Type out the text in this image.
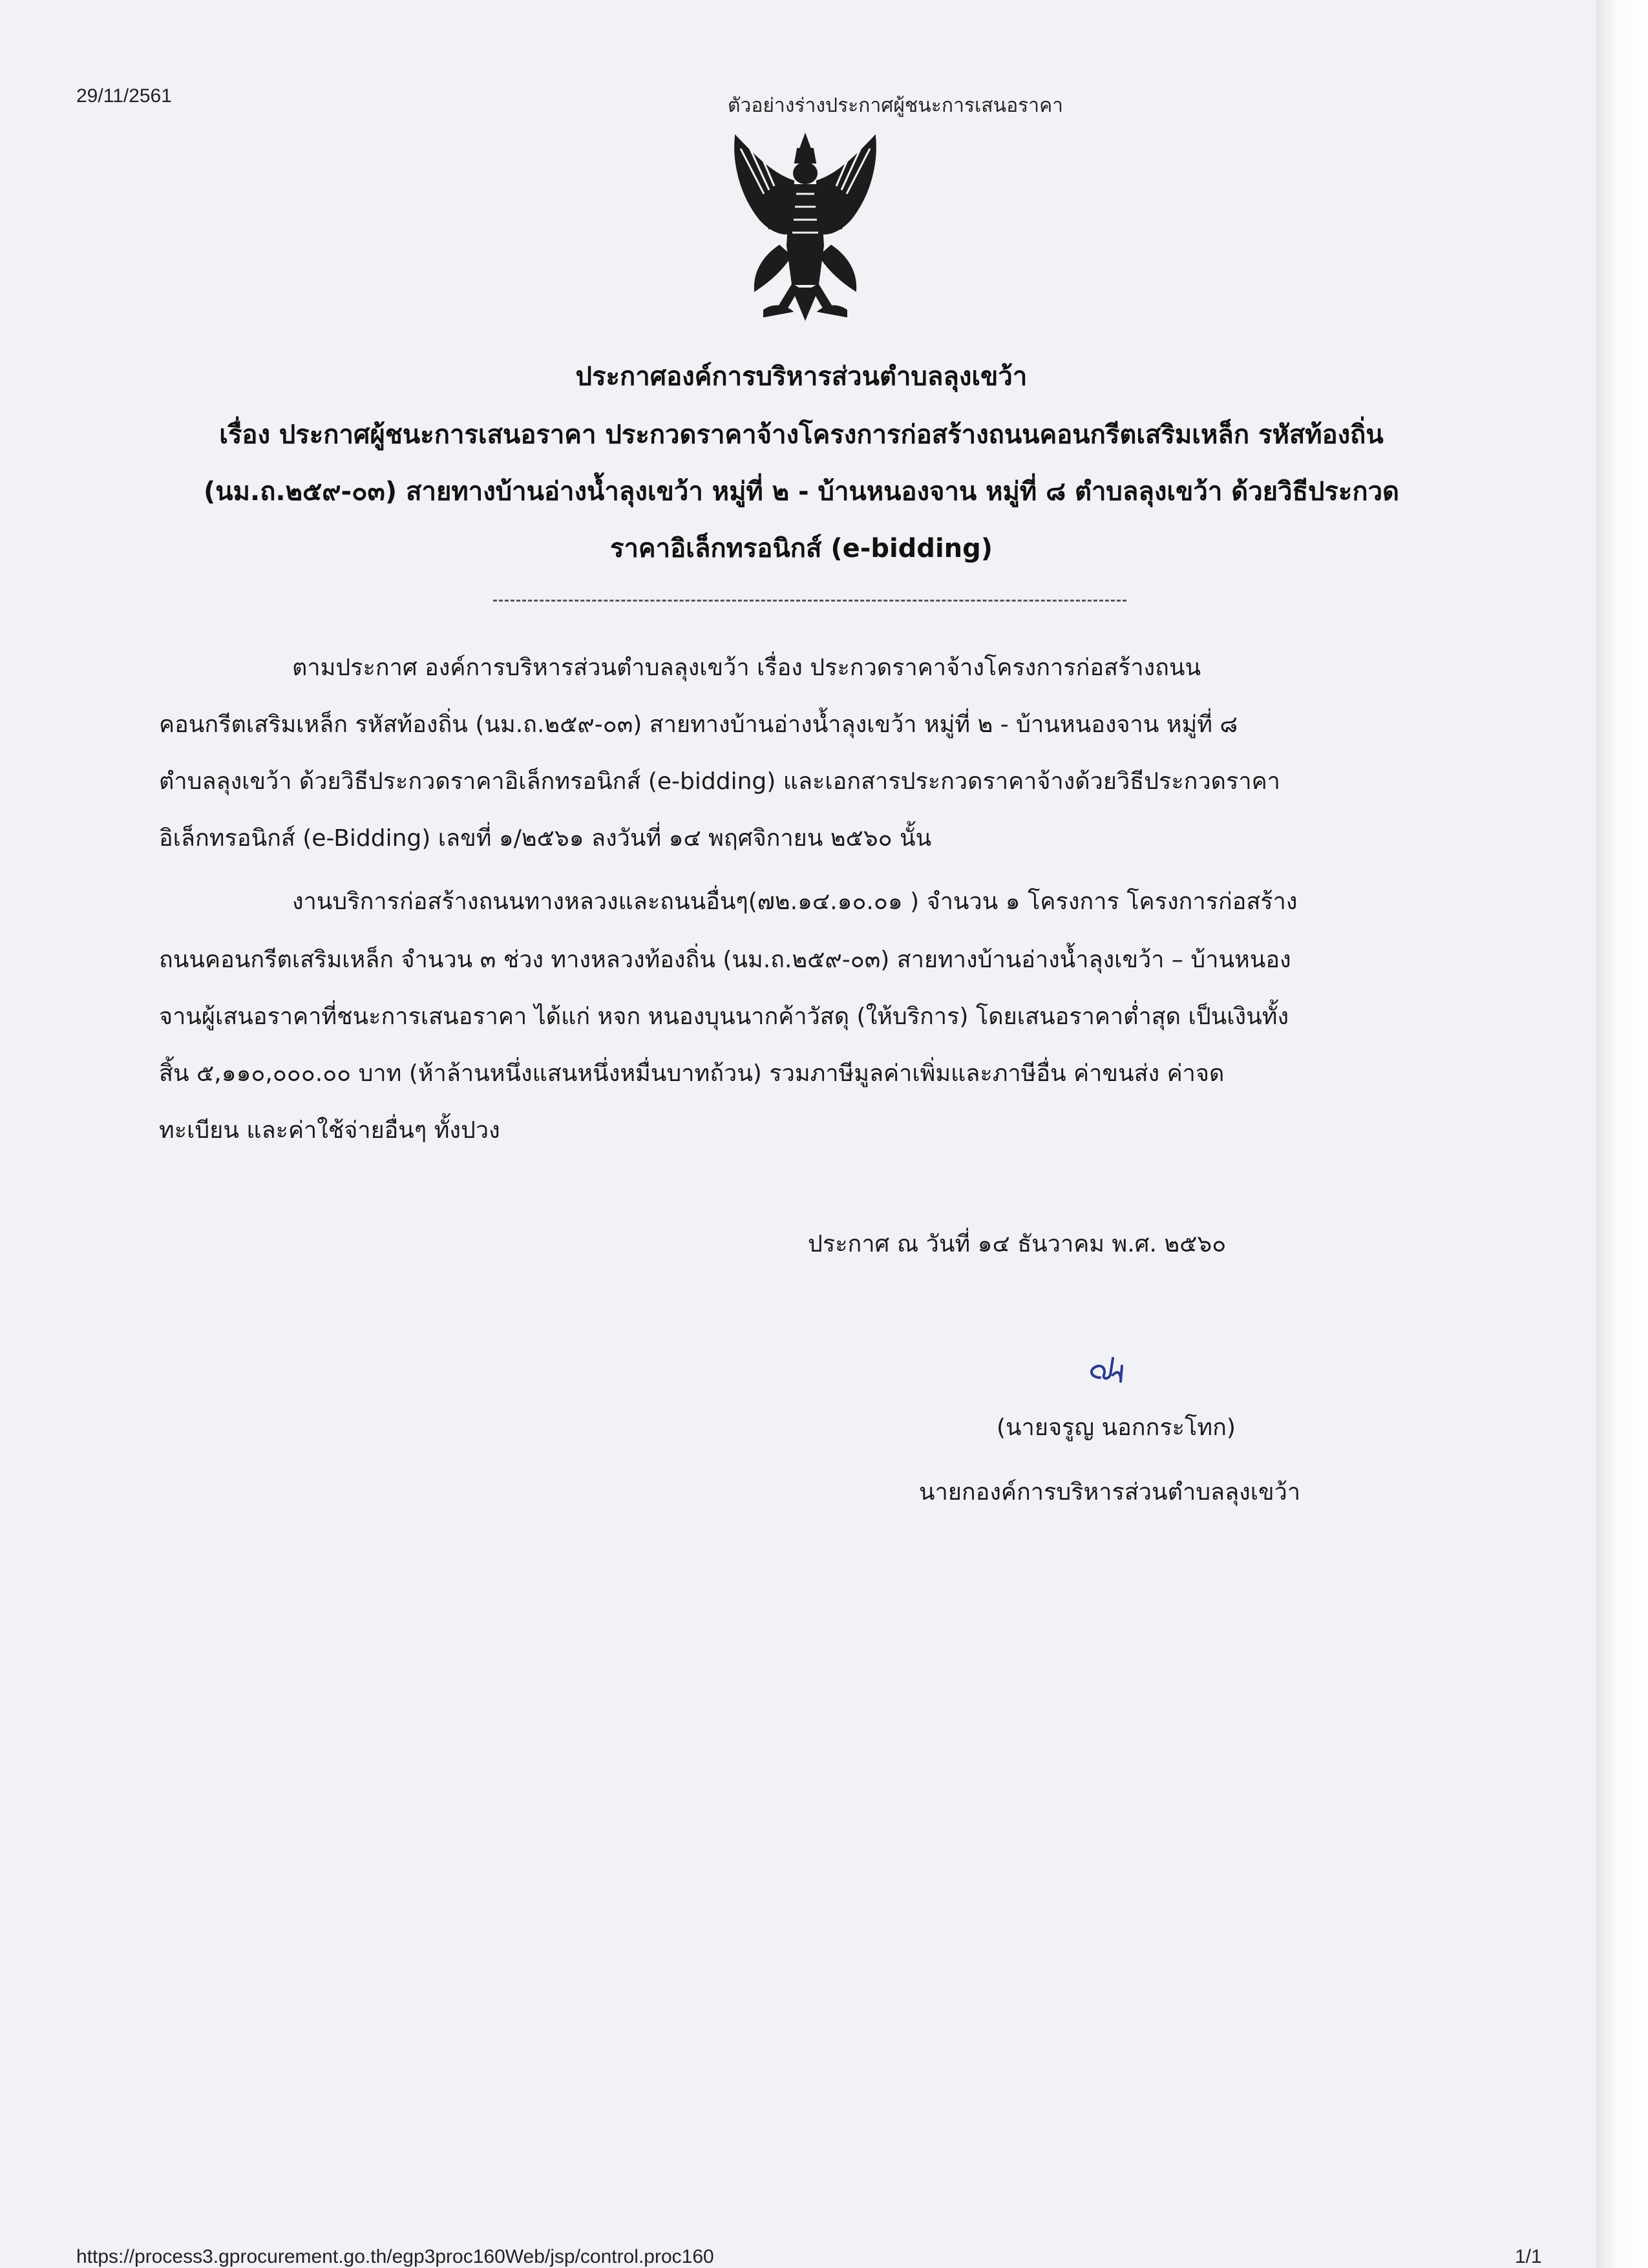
29/11/2561	ตัวอย่างร่างประกาศผู้ชนะการเสนอราคา
ประกาศองค์การบริหารส่วนตำบลลุงเขว้า
เรื่อง ประกาศผู้ชนะการเสนอราคา ประกวดราคาจ้างโครงการก่อสร้างถนนคอนกรีตเสริมเหล็ก รหัสท้องถิ่น
(นม.ถ.๒๕๙-๐๓) สายทางบ้านอ่างน้ำลุงเขว้า หมู่ที่ ๒ - บ้านหนองจาน หมู่ที่ ๘ ตำบลลุงเขว้า ด้วยวิธีประกวด
ราคาอิเล็กทรอนิกส์ (e-bidding)
ตามประกาศ องค์การบริหารส่วนตำบลลุงเขว้า เรื่อง ประกวดราคาจ้างโครงการก่อสร้างถนน
คอนกรีตเสริมเหล็ก รหัสท้องถิ่น (นม.ถ.๒๕๙-๐๓) สายทางบ้านอ่างน้ำลุงเขว้า หมู่ที่ ๒ - บ้านหนองจาน หมู่ที่ ๘
ตำบลลุงเขว้า ด้วยวิธีประกวดราคาอิเล็กทรอนิกส์ (e-bidding) และเอกสารประกวดราคาจ้างด้วยวิธีประกวดราคา
อิเล็กทรอนิกส์ (e-Bidding) เลขที่ ๑/๒๕๖๑ ลงวันที่ ๑๔ พฤศจิกายน ๒๕๖๐ นั้น
งานบริการก่อสร้างถนนทางหลวงและถนนอื่นๆ(๗๒.๑๔.๑๐.๐๑ ) จำนวน ๑ โครงการ โครงการก่อสร้าง
ถนนคอนกรีตเสริมเหล็ก จำนวน ๓ ช่วง ทางหลวงท้องถิ่น (นม.ถ.๒๕๙-๐๓) สายทางบ้านอ่างน้ำลุงเขว้า – บ้านหนอง
จานผู้เสนอราคาที่ชนะการเสนอราคา ได้แก่ หจก หนองบุนนากค้าวัสดุ (ให้บริการ) โดยเสนอราคาต่ำสุด เป็นเงินทั้ง
สิ้น ๕,๑๑๐,๐๐๐.๐๐ บาท (ห้าล้านหนึ่งแสนหนึ่งหมื่นบาทถ้วน) รวมภาษีมูลค่าเพิ่มและภาษีอื่น ค่าขนส่ง ค่าจด
ทะเบียน และค่าใช้จ่ายอื่นๆ ทั้งปวง
ประกาศ ณ วันที่ ๑๔ ธันวาคม พ.ศ. ๒๕๖๐
(นายจรูญ นอกกระโทก)
นายกองค์การบริหารส่วนตำบลลุงเขว้า
https://process3.gprocurement.go.th/egp3proc160Web/jsp/control.proc160	1/1
